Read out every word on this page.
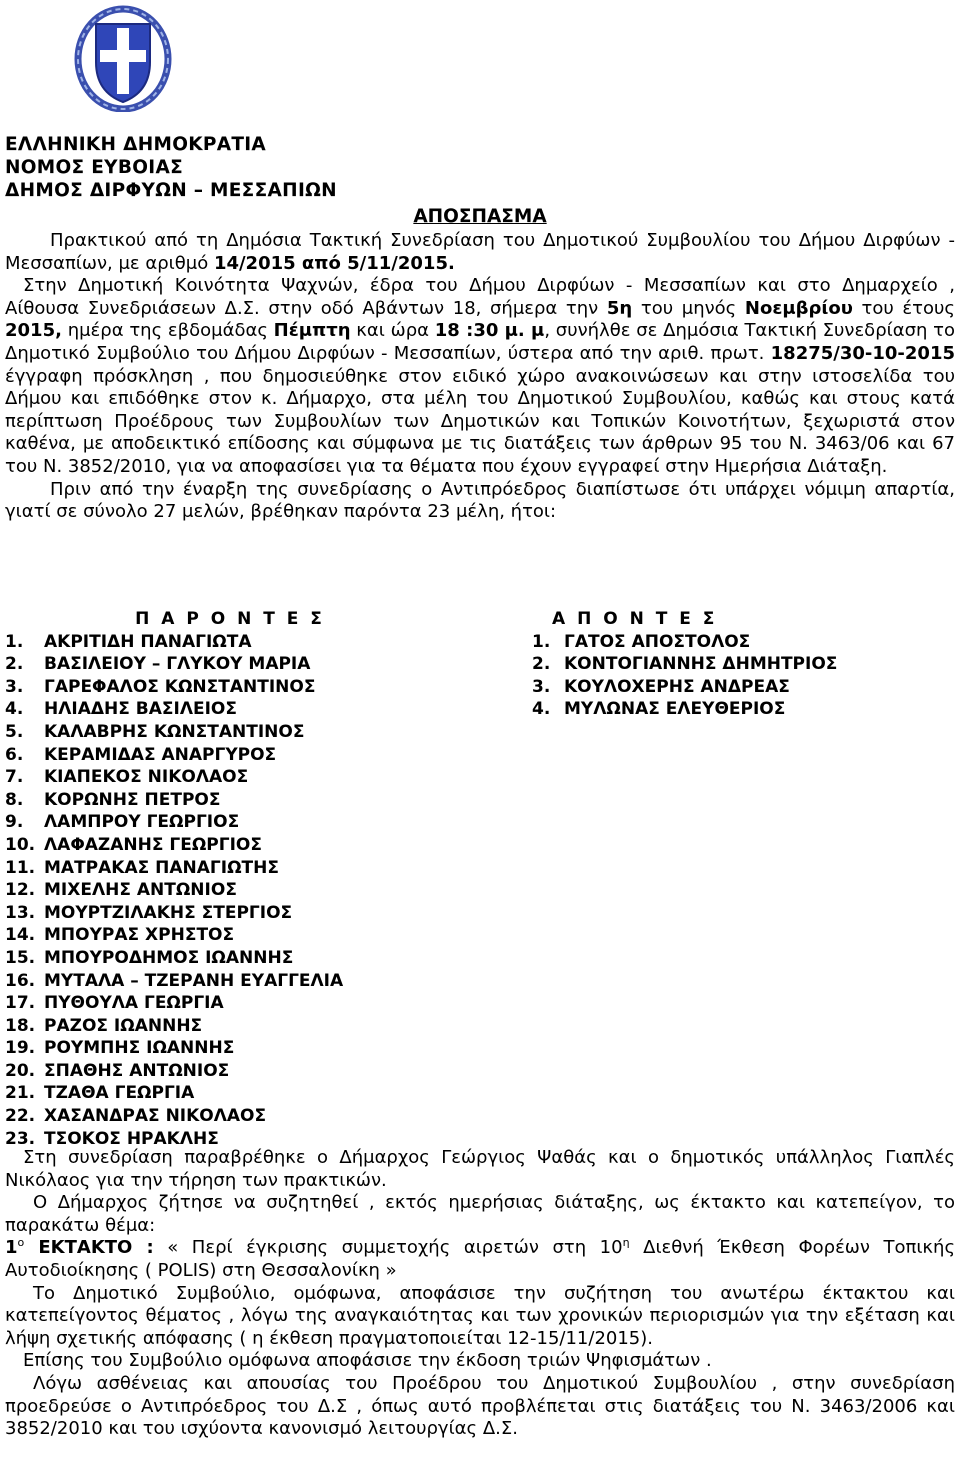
ΕΛΛΗΝΙΚΗ ΔΗΜΟΚΡΑΤΙΑ
ΝΟΜΟΣ ΕΥΒΟΙΑΣ
ΔΗΜΟΣ ΔΙΡΦΥΩΝ – ΜΕΣΣΑΠΙΩΝ
ΑΠΟΣΠΑΣΜΑ

Πρακτικού από τη Δημόσια Τακτική Συνεδρίαση του Δημοτικού Συμβουλίου του Δήμου Διρφύων - Μεσσαπίων, με αριθμό 14/2015 από 5/11/2015.

Στην Δημοτική Κοινότητα Ψαχνών, έδρα του Δήμου Διρφύων - Μεσσαπίων και στο Δημαρχείο , Αίθουσα Συνεδριάσεων Δ.Σ. στην οδό Αβάντων 18, σήμερα την 5η του μηνός Νοεμβρίου του έτους 2015, ημέρα της εβδομάδας Πέμπτη και ώρα 18 :30 μ. μ, συνήλθε σε Δημόσια Τακτική Συνεδρίαση το Δημοτικό Συμβούλιο του Δήμου Διρφύων - Μεσσαπίων, ύστερα από την αριθ. πρωτ. 18275/30-10-2015 έγγραφη πρόσκληση , που δημοσιεύθηκε στον ειδικό χώρο ανακοινώσεων και στην ιστοσελίδα του Δήμου και επιδόθηκε στον κ. Δήμαρχο, στα μέλη του Δημοτικού Συμβουλίου, καθώς και στους κατά περίπτωση Προέδρους των Συμβουλίων των Δημοτικών και Τοπικών Κοινοτήτων, ξεχωριστά στον καθένα, με αποδεικτικό επίδοσης και σύμφωνα με τις διατάξεις των άρθρων 95 του Ν. 3463/06 και 67 του Ν. 3852/2010, για να αποφασίσει για τα θέματα που έχουν εγγραφεί στην Ημερήσια Διάταξη.

Πριν από την έναρξη της συνεδρίασης ο Αντιπρόεδρος διαπίστωσε ότι υπάρχει νόμιμη απαρτία, γιατί σε σύνολο 27 μελών, βρέθηκαν παρόντα 23 μέλη, ήτοι:

Π Α Ρ Ο Ν Τ Ε Σ
1. ΑΚΡΙΤΙΔΗ ΠΑΝΑΓΙΩΤΑ
2. ΒΑΣΙΛΕΙΟΥ – ΓΛΥΚΟΥ ΜΑΡΙΑ
3. ΓΑΡΕΦΑΛΟΣ ΚΩΝΣΤΑΝΤΙΝΟΣ
4. ΗΛΙΑΔΗΣ ΒΑΣΙΛΕΙΟΣ
5. ΚΑΛΑΒΡΗΣ ΚΩΝΣΤΑΝΤΙΝΟΣ
6. ΚΕΡΑΜΙΔΑΣ ΑΝΑΡΓΥΡΟΣ
7. ΚΙΑΠΕΚΟΣ ΝΙΚΟΛΑΟΣ
8. ΚΟΡΩΝΗΣ ΠΕΤΡΟΣ
9. ΛΑΜΠΡΟΥ ΓΕΩΡΓΙΟΣ
10. ΛΑΦΑΖΑΝΗΣ ΓΕΩΡΓΙΟΣ
11. ΜΑΤΡΑΚΑΣ ΠΑΝΑΓΙΩΤΗΣ
12. ΜΙΧΕΛΗΣ ΑΝΤΩΝΙΟΣ
13. ΜΟΥΡΤΖΙΛΑΚΗΣ ΣΤΕΡΓΙΟΣ
14. ΜΠΟΥΡΑΣ ΧΡΗΣΤΟΣ
15. ΜΠΟΥΡΟΔΗΜΟΣ ΙΩΑΝΝΗΣ
16. ΜΥΤΑΛΑ – ΤΖΕΡΑΝΗ ΕΥΑΓΓΕΛΙΑ
17. ΠΥΘΟΥΛΑ ΓΕΩΡΓΙΑ
18. ΡΑΖΟΣ ΙΩΑΝΝΗΣ
19. ΡΟΥΜΠΗΣ ΙΩΑΝΝΗΣ
20. ΣΠΑΘΗΣ ΑΝΤΩΝΙΟΣ
21. ΤΖΑΘΑ ΓΕΩΡΓΙΑ
22. ΧΑΣΑΝΔΡΑΣ ΝΙΚΟΛΑΟΣ
23. ΤΣΟΚΟΣ ΗΡΑΚΛΗΣ
Α Π Ο Ν Τ Ε Σ
1. ΓΑΤΟΣ ΑΠΟΣΤΟΛΟΣ
2. ΚΟΝΤΟΓΙΑΝΝΗΣ ΔΗΜΗΤΡΙΟΣ
3. ΚΟΥΛΟΧΕΡΗΣ ΑΝΔΡΕΑΣ
4. ΜΥΛΩΝΑΣ ΕΛΕΥΘΕΡΙΟΣ

Στη συνεδρίαση παραβρέθηκε ο Δήμαρχος Γεώργιος Ψαθάς και ο δημοτικός υπάλληλος Γιαπλές Νικόλαος για την τήρηση των πρακτικών.

Ο Δήμαρχος ζήτησε να συζητηθεί , εκτός ημερήσιας διάταξης, ως έκτακτο και κατεπείγον, το παρακάτω θέμα:

$1^o$ ΕΚΤΑΚΤΟ : « Περί έγκρισης συμμετοχής αιρετών στη $10^\eta$ Διεθνή Έκθεση Φορέων Τοπικής Αυτοδιοίκησης ( POLIS) στη Θεσσαλονίκη »

Το Δημοτικό Συμβούλιο, ομόφωνα, αποφάσισε την συζήτηση του ανωτέρω έκτακτου και κατεπείγοντος θέματος , λόγω της αναγκαιότητας και των χρονικών περιορισμών για την εξέταση και λήψη σχετικής απόφασης ( η έκθεση πραγματοποιείται 12-15/11/2015).

Επίσης του Συμβούλιο ομόφωνα αποφάσισε την έκδοση τριών Ψηφισμάτων .

Λόγω ασθένειας και απουσίας του Προέδρου του Δημοτικού Συμβουλίου , στην συνεδρίαση προεδρεύσε ο Αντιπρόεδρος του Δ.Σ , όπως αυτό προβλέπεται στις διατάξεις του Ν. 3463/2006 και 3852/2010 και του ισχύοντα κανονισμό λειτουργίας Δ.Σ.
